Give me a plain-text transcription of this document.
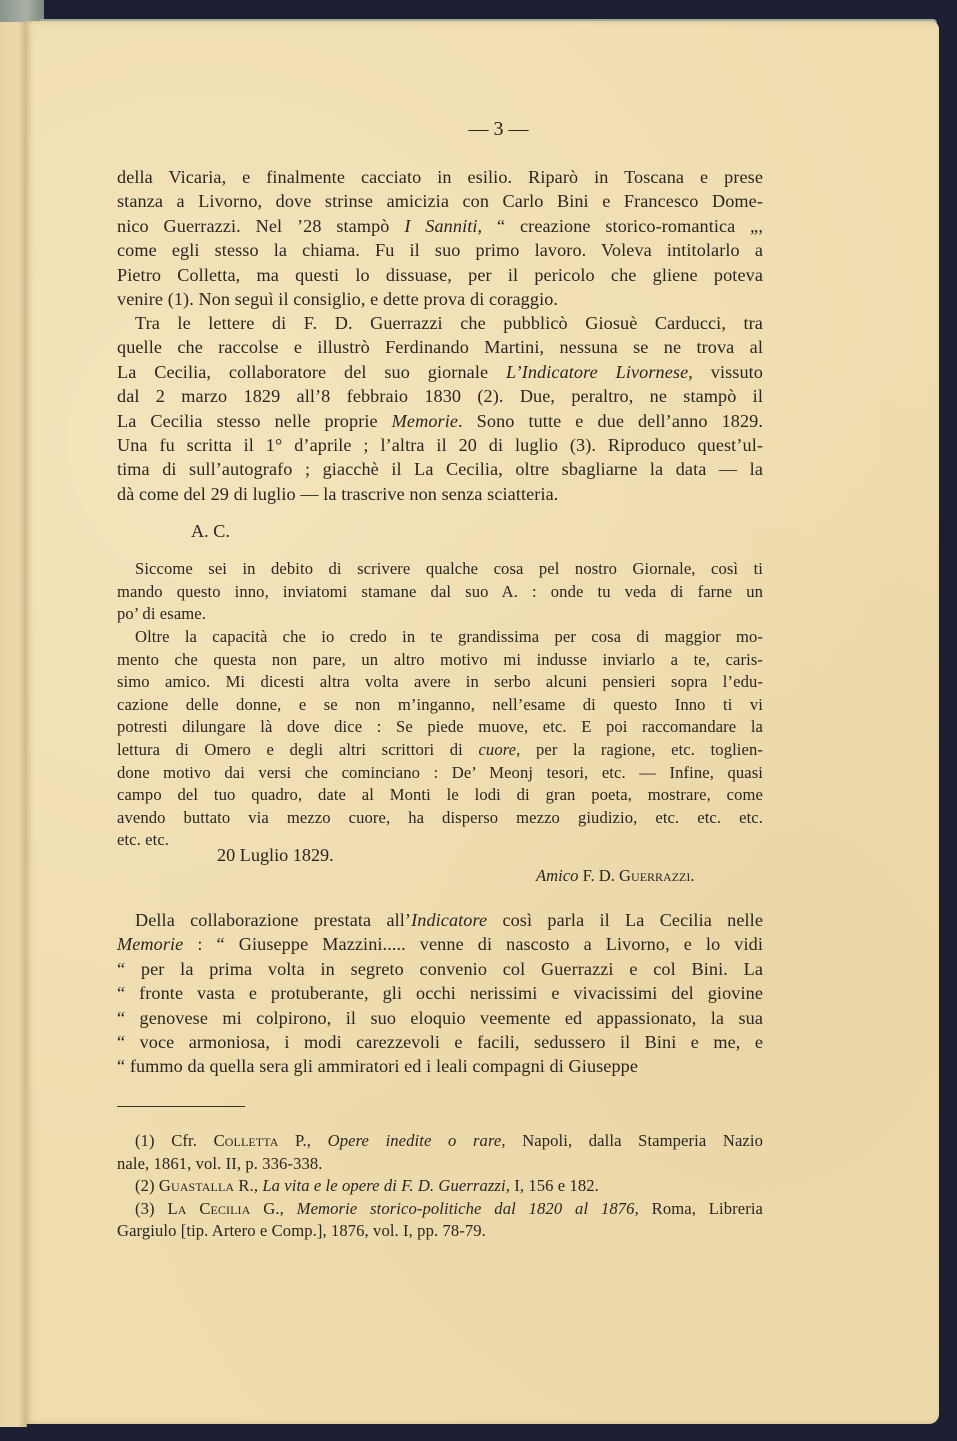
— 3 —
della Vicaria, e finalmente cacciato in esilio. Riparò in Toscana e prese
stanza a Livorno, dove strinse amicizia con Carlo Bini e Francesco Dome-
nico Guerrazzi. Nel ’28 stampò I Sanniti, “ creazione storico-romantica „,
come egli stesso la chiama. Fu il suo primo lavoro. Voleva intitolarlo a
Pietro Colletta, ma questi lo dissuase, per il pericolo che gliene poteva
venire (1). Non seguì il consiglio, e dette prova di coraggio.
Tra le lettere di F. D. Guerrazzi che pubblicò Giosuè Carducci, tra
quelle che raccolse e illustrò Ferdinando Martini, nessuna se ne trova al
La Cecilia, collaboratore del suo giornale L’Indicatore Livornese, vissuto
dal 2 marzo 1829 all’8 febbraio 1830 (2). Due, peraltro, ne stampò il
La Cecilia stesso nelle proprie Memorie. Sono tutte e due dell’anno 1829.
Una fu scritta il 1° d’aprile ; l’altra il 20 di luglio (3). Riproduco quest’ul-
tima di sull’autografo ; giacchè il La Cecilia, oltre sbagliarne la data — la
dà come del 29 di luglio — la trascrive non senza sciatteria.
A. C.
Siccome sei in debito di scrivere qualche cosa pel nostro Giornale, così ti
mando questo inno, inviatomi stamane dal suo A. : onde tu veda di farne un
po’ di esame.
Oltre la capacità che io credo in te grandissima per cosa di maggior mo-
mento che questa non pare, un altro motivo mi indusse inviarlo a te, caris-
simo amico. Mi dicesti altra volta avere in serbo alcuni pensieri sopra l’edu-
cazione delle donne, e se non m’inganno, nell’esame di questo Inno ti vi
potresti dilungare là dove dice : Se piede muove, etc. E poi raccomandare la
lettura di Omero e degli altri scrittori di cuore, per la ragione, etc. toglien-
done motivo dai versi che cominciano : De’ Meonj tesori, etc. — Infine, quasi
campo del tuo quadro, date al Monti le lodi di gran poeta, mostrare, come
avendo buttato via mezzo cuore, ha disperso mezzo giudizio, etc. etc. etc.
etc. etc.
20 Luglio 1829.
Amico F. D. Guerrazzi.
Della collaborazione prestata all’Indicatore così parla il La Cecilia nelle
Memorie : “ Giuseppe Mazzini..... venne di nascosto a Livorno, e lo vidi
“ per la prima volta in segreto convenio col Guerrazzi e col Bini. La
“ fronte vasta e protuberante, gli occhi nerissimi e vivacissimi del giovine
“ genovese mi colpirono, il suo eloquio veemente ed appassionato, la sua
“ voce armoniosa, i modi carezzevoli e facili, sedussero il Bini e me, e
“ fummo da quella sera gli ammiratori ed i leali compagni di Giuseppe
(1) Cfr. Colletta P., Opere inedite o rare, Napoli, dalla Stamperia Nazio
nale, 1861, vol. II, p. 336-338.
(2) Guastalla R., La vita e le opere di F. D. Guerrazzi, I, 156 e 182.
(3) La Cecilia G., Memorie storico-politiche dal 1820 al 1876, Roma, Libreria
Gargiulo [tip. Artero e Comp.], 1876, vol. I, pp. 78-79.
